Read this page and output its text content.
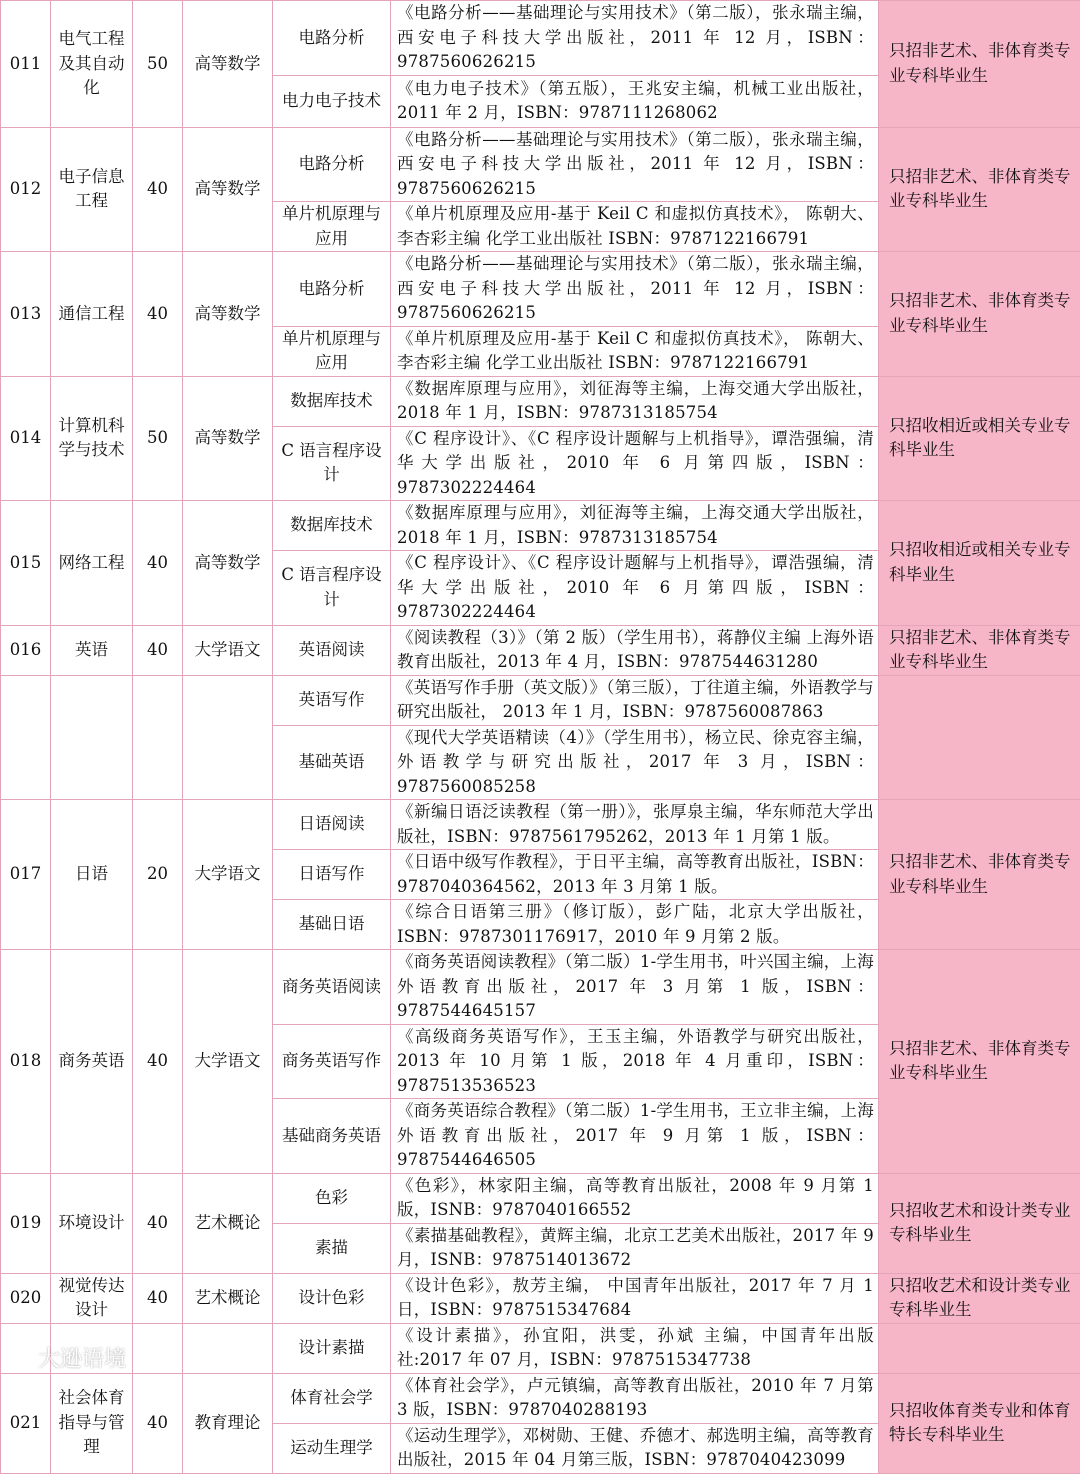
011	电气工程及其自动化	50	高等数学	电路分析	《电路分析——基础理论与实用技术》（第二版），张永瑞主编，西安电子科技大学出版社，2011 年 12 月，ISBN：9787560626215	只招非艺术、非体育类专业专科毕业生
				电力电子技术	《电力电子技术》（第五版），王兆安主编，机械工业出版社，2011 年 2 月，ISBN：9787111268062	
012	电子信息工程	40	高等数学	电路分析	《电路分析——基础理论与实用技术》（第二版），张永瑞主编，西安电子科技大学出版社，2011 年 12 月，ISBN：9787560626215	只招非艺术、非体育类专业专科毕业生
				单片机原理与应用	《单片机原理及应用-基于 Keil C 和虚拟仿真技术》， 陈朝大、李杏彩主编 化学工业出版社 ISBN：9787122166791	
013	通信工程	40	高等数学	电路分析	《电路分析——基础理论与实用技术》（第二版），张永瑞主编，西安电子科技大学出版社，2011 年 12 月，ISBN：9787560626215	只招非艺术、非体育类专业专科毕业生
				单片机原理与应用	《单片机原理及应用-基于 Keil C 和虚拟仿真技术》， 陈朝大、李杏彩主编 化学工业出版社 ISBN：9787122166791	
014	计算机科学与技术	50	高等数学	数据库技术	《数据库原理与应用》，刘征海等主编，上海交通大学出版社，2018 年 1 月，ISBN：9787313185754	只招收相近或相关专业专科毕业生
				C 语言程序设计	《C 程序设计》、《C 程序设计题解与上机指导》，谭浩强编，清华大学出版社，2010 年 6 月第四版，ISBN：9787302224464	
015	网络工程	40	高等数学	数据库技术	《数据库原理与应用》，刘征海等主编，上海交通大学出版社，2018 年 1 月，ISBN：9787313185754	只招收相近或相关专业专科毕业生
				C 语言程序设计	《C 程序设计》、《C 程序设计题解与上机指导》，谭浩强编，清华大学出版社，2010 年 6 月第四版，ISBN：9787302224464	
016	英语	40	大学语文	英语阅读	《阅读教程（3）》（第 2 版）（学生用书），蒋静仪主编 上海外语教育出版社，2013 年 4 月，ISBN：9787544631280	只招非艺术、非体育类专业专科毕业生
				英语写作	《英语写作手册（英文版）》（第三版），丁往道主编，外语教学与研究出版社， 2013 年 1 月，ISBN：9787560087863	
				基础英语	《现代大学英语精读（4）》（学生用书），杨立民、徐克容主编，外语教学与研究出版社，2017 年 3 月，ISBN：9787560085258	
017	日语	20	大学语文	日语阅读	《新编日语泛读教程（第一册）》，张厚泉主编，华东师范大学出版社，ISBN：9787561795262，2013 年 1 月第 1 版。	只招非艺术、非体育类专业专科毕业生
				日语写作	《日语中级写作教程》，于日平主编，高等教育出版社，ISBN：9787040364562，2013 年 3 月第 1 版。	
				基础日语	《综合日语第三册》（修订版），彭广陆，北京大学出版社，ISBN：9787301176917，2010 年 9 月第 2 版。	
018	商务英语	40	大学语文	商务英语阅读	《商务英语阅读教程》（第二版）1-学生用书，叶兴国主编，上海外语教育出版社，2017 年 3 月第 1 版，ISBN：9787544645157	只招非艺术、非体育类专业专科毕业生
				商务英语写作	《高级商务英语写作》，王玉主编，外语教学与研究出版社，2013 年 10 月第 1 版，2018 年 4 月重印，ISBN：9787513536523	
				基础商务英语	《商务英语综合教程》（第二版）1-学生用书，王立非主编，上海外语教育出版社，2017 年 9 月第 1 版，ISBN：9787544646505	
019	环境设计	40	艺术概论	色彩	《色彩》，林家阳主编，高等教育出版社，2008 年 9 月第 1 版，ISNB：9787040166552	只招收艺术和设计类专业专科毕业生
				素描	《素描基础教程》，黄辉主编，北京工艺美术出版社，2017 年 9 月，ISNB：9787514013672	
020	视觉传达设计	40	艺术概论	设计色彩	《设计色彩》，敖芳主编， 中国青年出版社，2017 年 7 月 1 日，ISBN：9787515347684	只招收艺术和设计类专业专科毕业生
				设计素描	《设计素描》，孙宜阳，洪雯，孙斌 主编，中国青年出版社:2017 年 07 月，ISBN：9787515347738	
021	社会体育指导与管理	40	教育理论	体育社会学	《体育社会学》，卢元镇编，高等教育出版社，2010 年 7 月第 3 版，ISBN：9787040288193	只招收体育类专业和体育特长专科毕业生
				运动生理学	《运动生理学》，邓树勋、王健、乔德才、郝选明主编，高等教育出版社，2015 年 04 月第三版，ISBN：9787040423099	
大逊语境
